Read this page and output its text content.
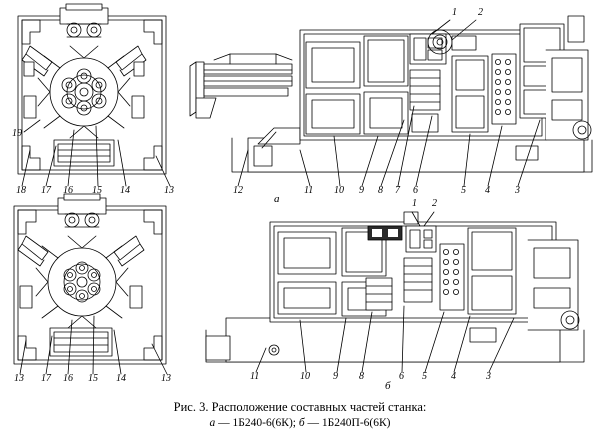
19
18 17 16 15 14	13
13 17 16 15 14	13
1 2
12	11 10 9 8 7 6	5 4	3
а	1 2
11	10 9 8	6 5 4	3
б
Рис. 3. Расположение составных частей станка:
а — 1Б240-6(6К); б — 1Б240П-6(6К)
